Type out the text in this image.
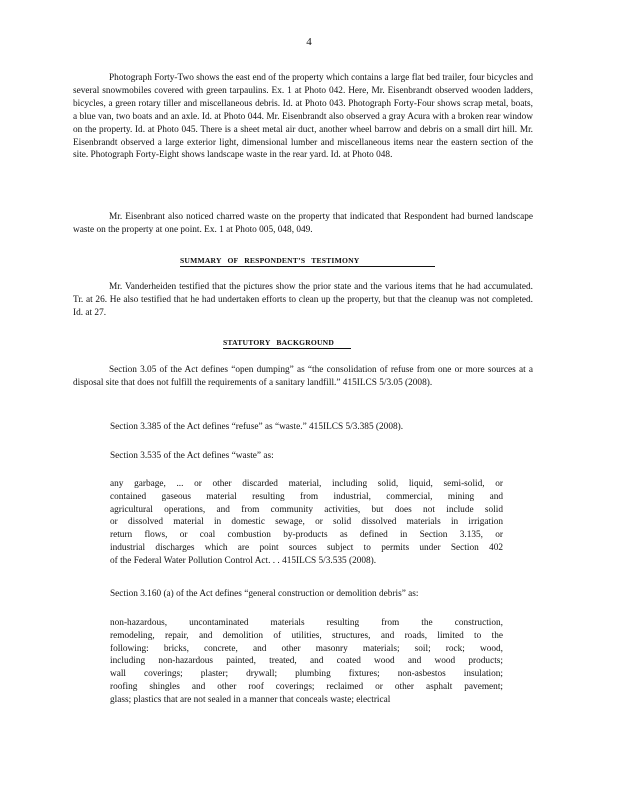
4

Photograph Forty-Two shows the east end of the property which contains a large flat bed trailer, four bicycles and several snowmobiles covered with green tarpaulins. Ex. 1 at Photo 042. Here, Mr. Eisenbrandt observed wooden ladders, bicycles, a green rotary tiller and miscellaneous debris. Id. at Photo 043. Photograph Forty-Four shows scrap metal, boats, a blue van, two boats and an axle. Id. at Photo 044. Mr. Eisenbrandt also observed a gray Acura with a broken rear window on the property. Id. at Photo 045. There is a sheet metal air duct, another wheel barrow and debris on a small dirt hill. Mr. Eisenbrandt observed a large exterior light, dimensional lumber and miscellaneous items near the eastern section of the site. Photograph Forty-Eight shows landscape waste in the rear yard. Id. at Photo 048.

Mr. Eisenbrant also noticed charred waste on the property that indicated that Respondent had burned landscape waste on the property at one point. Ex. 1 at Photo 005, 048, 049.

SUMMARY OF RESPONDENT’S TESTIMONY

Mr. Vanderheiden testified that the pictures show the prior state and the various items that he had accumulated. Tr. at 26. He also testified that he had undertaken efforts to clean up the property, but that the cleanup was not completed. Id. at 27.

STATUTORY BACKGROUND

Section 3.05 of the Act defines “open dumping” as “the consolidation of refuse from one or more sources at a disposal site that does not fulfill the requirements of a sanitary landfill.” 415ILCS 5/3.05 (2008).

Section 3.385 of the Act defines “refuse” as “waste.” 415ILCS 5/3.385 (2008).

Section 3.535 of the Act defines “waste” as:

any garbage, ... or other discarded material, including solid, liquid, semi-solid, or
contained gaseous material resulting from industrial, commercial, mining and
agricultural operations, and from community activities, but does not include solid
or dissolved material in domestic sewage, or solid dissolved materials in irrigation
return flows, or coal combustion by-products as defined in Section 3.135, or
industrial discharges which are point sources subject to permits under Section 402
of the Federal Water Pollution Control Act. . . 415ILCS 5/3.535 (2008).

Section 3.160 (a) of the Act defines “general construction or demolition debris” as:

non-hazardous, uncontaminated materials resulting from the construction,
remodeling, repair, and demolition of utilities, structures, and roads, limited to the
following: bricks, concrete, and other masonry materials; soil; rock; wood,
including non-hazardous painted, treated, and coated wood and wood products;
wall coverings; plaster; drywall; plumbing fixtures; non-asbestos insulation;
roofing shingles and other roof coverings; reclaimed or other asphalt pavement;
glass; plastics that are not sealed in a manner that conceals waste; electrical
